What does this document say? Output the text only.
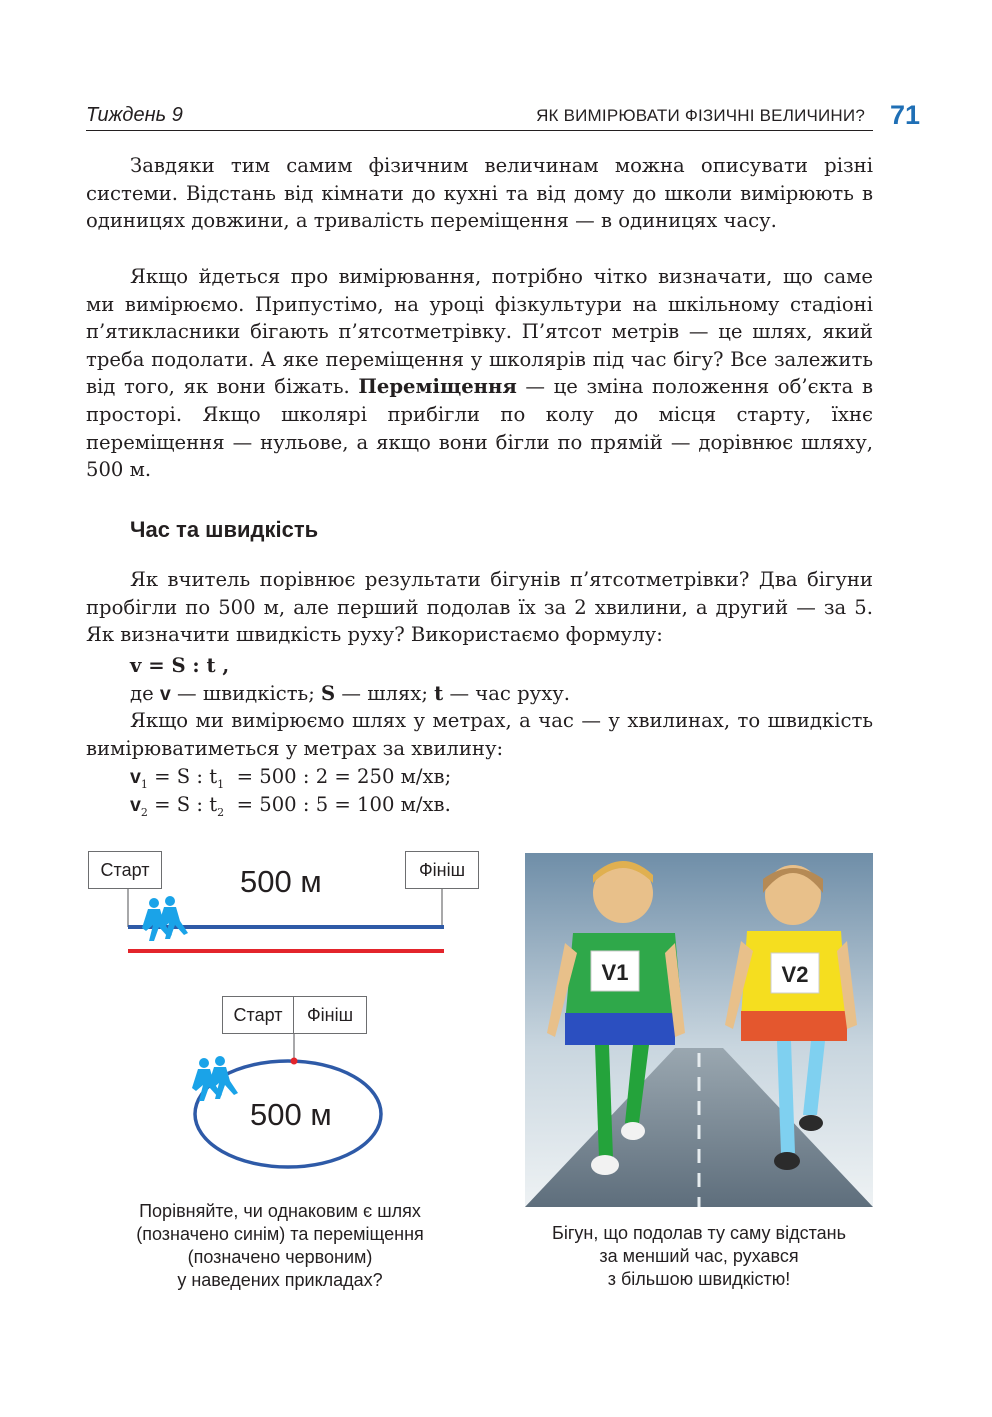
Тиждень 9	ЯК ВИМІРЮВАТИ ФІЗИЧНІ ВЕЛИЧИНИ? 71

Завдяки тим самим фізичним величинам можна описувати різні системи. Відстань від кімнати до кухні та від дому до школи вимірюють в одиницях довжини, а тривалість переміщення — в одиницях часу.

Якщо йдеться про вимірювання, потрібно чітко визначати, що саме ми вимірюємо. Припустімо, на уроці фізкультури на шкільному стадіоні п’ятикласники бігають п’ятсотметрівку. П’ятсот метрів — це шлях, який треба подолати. А яке переміщення у школярів під час бігу? Все залежить від того, як вони біжать. Переміщення — це зміна положення об’єкта в просторі. Якщо школярі прибігли по колу до місця старту, їхнє переміщення — нульове, а якщо вони бігли по прямій — дорівнює шляху, 500 м.

Час та швидкість

Як вчитель порівнює результати бігунів п’ятсотметрівки? Два бігуни пробігли по 500 м, але перший подолав їх за 2 хвилини, а другий — за 5. Як визначити швидкість руху? Використаємо формулу:

v = S : t ,
де v — швидкість; S — шлях; t — час руху.

Якщо ми вимірюємо шлях у метрах, а час — у хвилинах, то швидкість вимірюватиметься у метрах за хвилину:

$v_1 = S$ : $t_1 = 500$ : 2 = 250 м/хв;
$v_2 = S$ : $t_2 = 500$ : 5 = 100 м/хв.
Старт	Фініш
500 м
Старт	Фініш
500 м
Порівняйте, чи однаковим є шлях
(позначено синім) та переміщення
(позначено червоним)
у наведених прикладах?
V1	V2
Бігун, що подолав ту саму відстань
за менший час, рухався
з більшою швидкістю!
